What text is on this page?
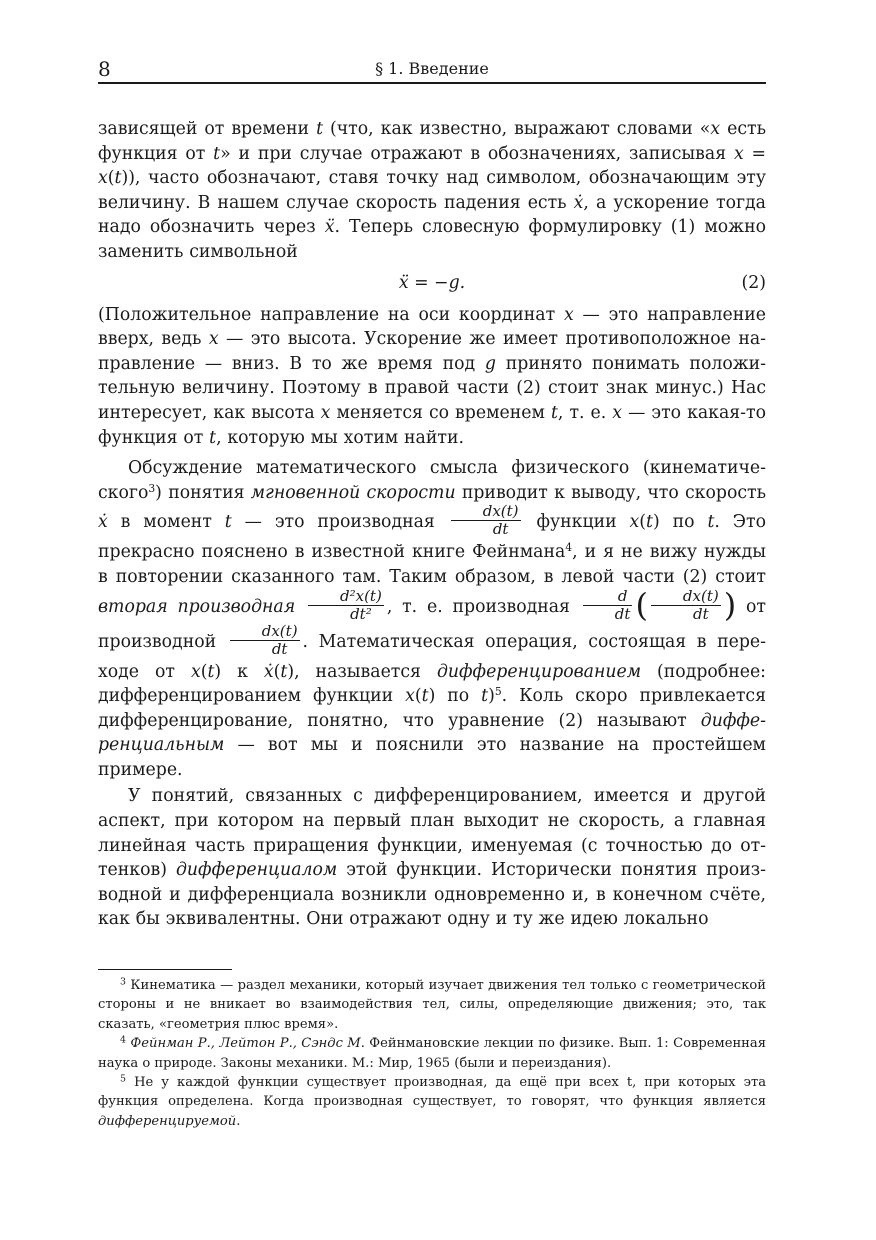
8	§ 1. Введение

зависящей от времени t (что, как известно, выражают словами «x есть функция от t» и при случае отражают в обозначениях, записывая x = x(t)), часто обозначают, ставя точку над символом, обозначающим эту величину. В нашем случае скорость падения есть ẋ, а ускорение тогда надо обозначить через ẍ. Теперь словесную формулировку (1) можно заменить символьной

ẍ = −g.	(2)

(Положительное направление на оси координат x — это направление вверх, ведь x — это высота. Ускорение же имеет противоположное направление — вниз. В то же время под g принято понимать положительную величину. Поэтому в правой части (2) стоит знак минус.) Нас интересует, как высота x меняется со временем t, т. е. x — это какая-то функция от t, которую мы хотим найти.

Обсуждение математического смысла физического (кинематического$^3$) понятия мгновенной скорости приводит к выводу, что скорость ẋ в момент t — это производная $\frac{dx(t)}{dt}$ функции x(t) по t. Это прекрасно пояснено в известной книге Фейнмана$^4$, и я не вижу нужды в повторении сказанного там. Таким образом, в левой части (2) стоит вторая производная $\frac{\text{d²x(t)}}{\text{dt²}}$ , т. е. производная $\frac{d}{dt}$ ( $\frac{dx(t)}{dt}$ ) от производной $\frac{dx(t)}{dt}$ . Математическая операция, состоящая в переходе от x(t) к ẋ(t), называется дифференцированием (подробнее: дифференцированием функции x(t) по t)$^5$. Коль скоро привлекается дифференцирование, понятно, что уравнение (2) называют дифференциальным — вот мы и пояснили это название на простейшем примере.

У понятий, связанных с дифференцированием, имеется и другой аспект, при котором на первый план выходит не скорость, а главная линейная часть приращения функции, именуемая (с точностью до оттенков) дифференциалом этой функции. Исторически понятия производной и дифференциала возникли одновременно и, в конечном счёте, как бы эквивалентны. Они отражают одну и ту же идею локально

$^3$ Кинематика — раздел механики, который изучает движения тел только с геометрической стороны и не вникает во взаимодействия тел, силы, определяющие движения; это, так сказать, «геометрия плюс время».

$^4$ Фейнман Р., Лейтон Р., Сэндс М. Фейнмановские лекции по физике. Вып. 1: Современная наука о природе. Законы механики. М.: Мир, 1965 (были и переиздания).

$^5$ Не у каждой функции существует производная, да ещё при всех t, при которых эта функция определена. Когда производная существует, то говорят, что функция является дифференцируемой.
